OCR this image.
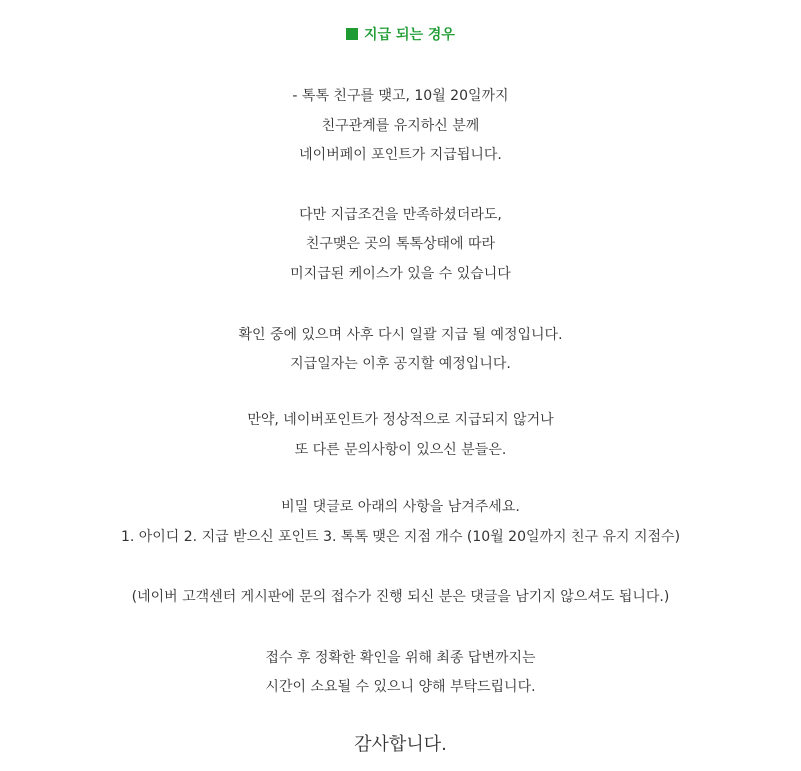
지급 되는 경우
- 톡톡 친구를 맺고, 10월 20일까지
친구관계를 유지하신 분께
네이버페이 포인트가 지급됩니다.
다만 지급조건을 만족하셨더라도,
친구맺은 곳의 톡톡상태에 따라
미지급된 케이스가 있을 수 있습니다
확인 중에 있으며 사후 다시 일괄 지급 될 예정입니다.
지급일자는 이후 공지할 예정입니다.
만약, 네이버포인트가 정상적으로 지급되지 않거나
또 다른 문의사항이 있으신 분들은.
비밀 댓글로 아래의 사항을 남겨주세요.
1. 아이디 2. 지급 받으신 포인트 3. 톡톡 맺은 지점 개수 (10월 20일까지 친구 유지 지점수)
(네이버 고객센터 게시판에 문의 접수가 진행 되신 분은 댓글을 남기지 않으셔도 됩니다.)
접수 후 정확한 확인을 위해 최종 답변까지는
시간이 소요될 수 있으니 양해 부탁드립니다.
감사합니다.
